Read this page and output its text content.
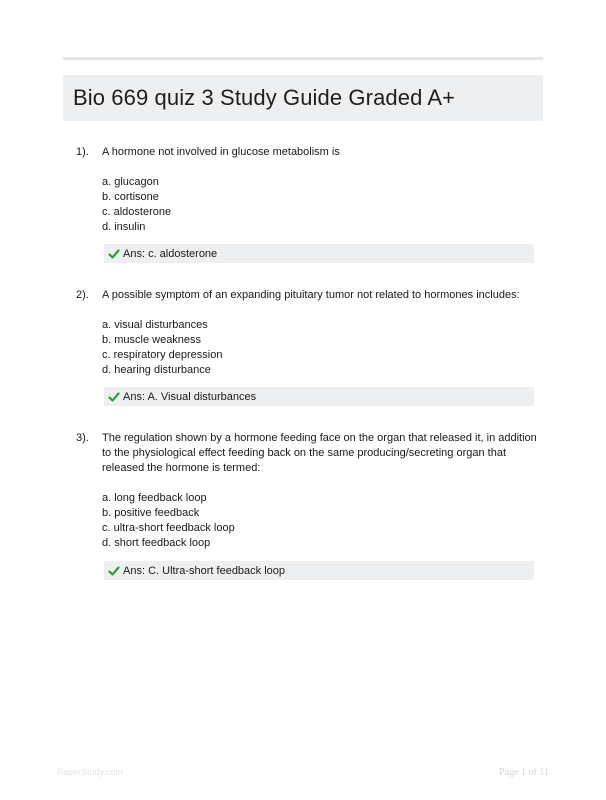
Bio 669 quiz 3 Study Guide Graded A+
1). A hormone not involved in glucose metabolism is
a. glucagon
b. cortisone
c. aldosterone
d. insulin
Ans: c. aldosterone
2). A possible symptom of an expanding pituitary tumor not related to hormones includes:
a. visual disturbances
b. muscle weakness
c. respiratory depression
d. hearing disturbance
Ans: A. Visual disturbances
3). The regulation shown by a hormone feeding face on the organ that released it, in addition to the physiological effect feeding back on the same producing/secreting organ that released the hormone is termed:
a. long feedback loop
b. positive feedback
c. ultra-short feedback loop
d. short feedback loop
Ans: C. Ultra-short feedback loop
PaperStudy.com	Page 1 of 11
